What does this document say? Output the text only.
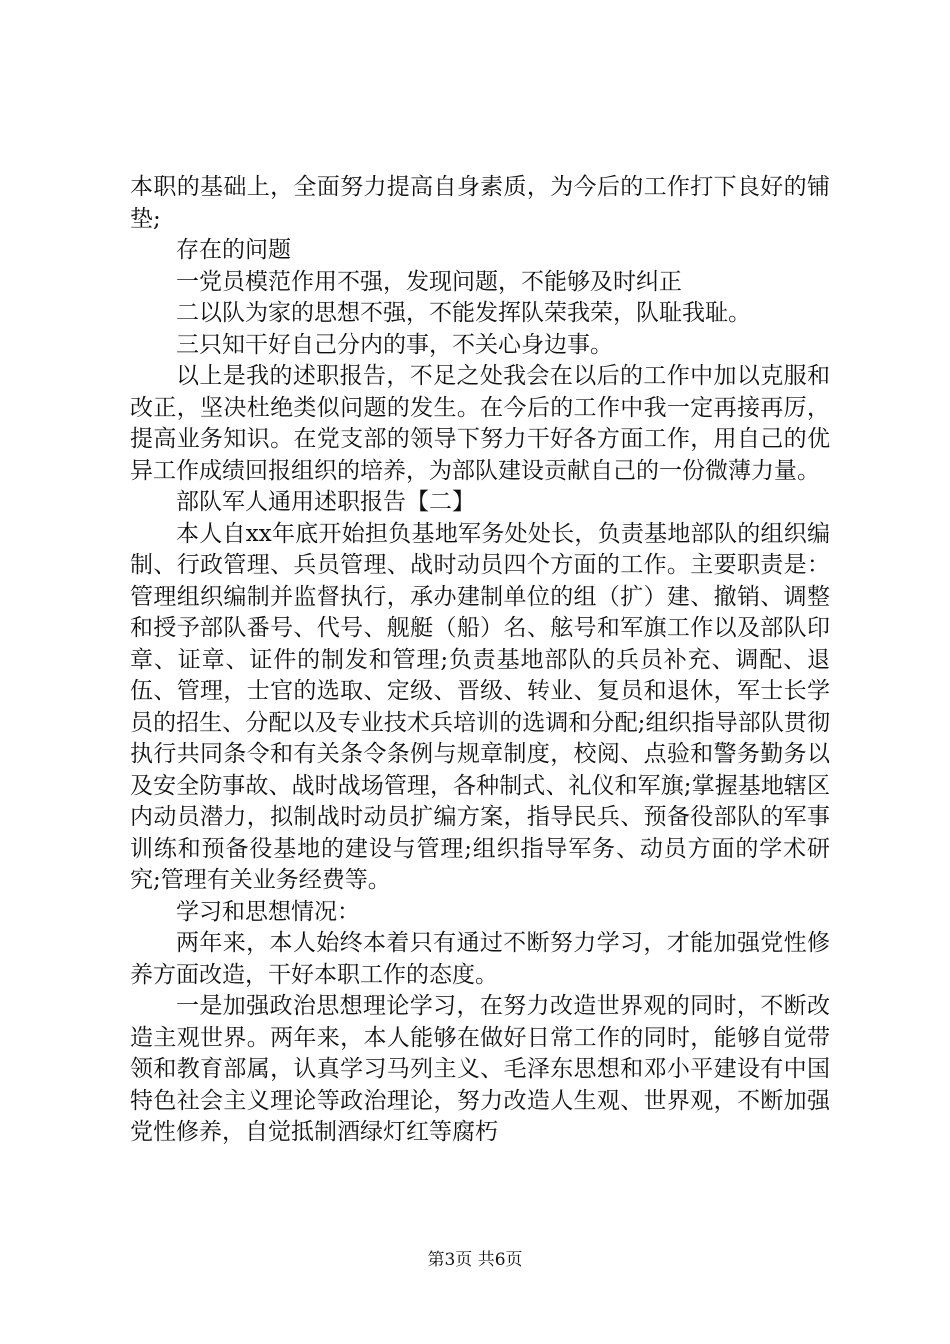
本职的基础上，全面努力提高自身素质，为今后的工作打下良好的铺垫;

存在的问题

一党员模范作用不强，发现问题，不能够及时纠正

二以队为家的思想不强，不能发挥队荣我荣，队耻我耻。

三只知干好自己分内的事，不关心身边事。

以上是我的述职报告，不足之处我会在以后的工作中加以克服和改正，坚决杜绝类似问题的发生。在今后的工作中我一定再接再厉，提高业务知识。在党支部的领导下努力干好各方面工作，用自己的优异工作成绩回报组织的培养，为部队建设贡献自己的一份微薄力量。

部队军人通用述职报告【二】

本人自xx年底开始担负基地军务处处长，负责基地部队的组织编制、行政管理、兵员管理、战时动员四个方面的工作。主要职责是：管理组织编制并监督执行，承办建制单位的组（扩）建、撤销、调整和授予部队番号、代号、舰艇（船）名、舷号和军旗工作以及部队印章、证章、证件的制发和管理;负责基地部队的兵员补充、调配、退伍、管理，士官的选取、定级、晋级、转业、复员和退休，军士长学员的招生、分配以及专业技术兵培训的选调和分配;组织指导部队贯彻执行共同条令和有关条令条例与规章制度，校阅、点验和警务勤务以及安全防事故、战时战场管理，各种制式、礼仪和军旗;掌握基地辖区内动员潜力，拟制战时动员扩编方案，指导民兵、预备役部队的军事训练和预备役基地的建设与管理;组织指导军务、动员方面的学术研究;管理有关业务经费等。

学习和思想情况：

两年来，本人始终本着只有通过不断努力学习，才能加强党性修养方面改造，干好本职工作的态度。

一是加强政治思想理论学习，在努力改造世界观的同时，不断改造主观世界。两年来，本人能够在做好日常工作的同时，能够自觉带领和教育部属，认真学习马列主义、毛泽东思想和邓小平建设有中国特色社会主义理论等政治理论，努力改造人生观、世界观，不断加强党性修养，自觉抵制酒绿灯红等腐朽

第3页 共6页
